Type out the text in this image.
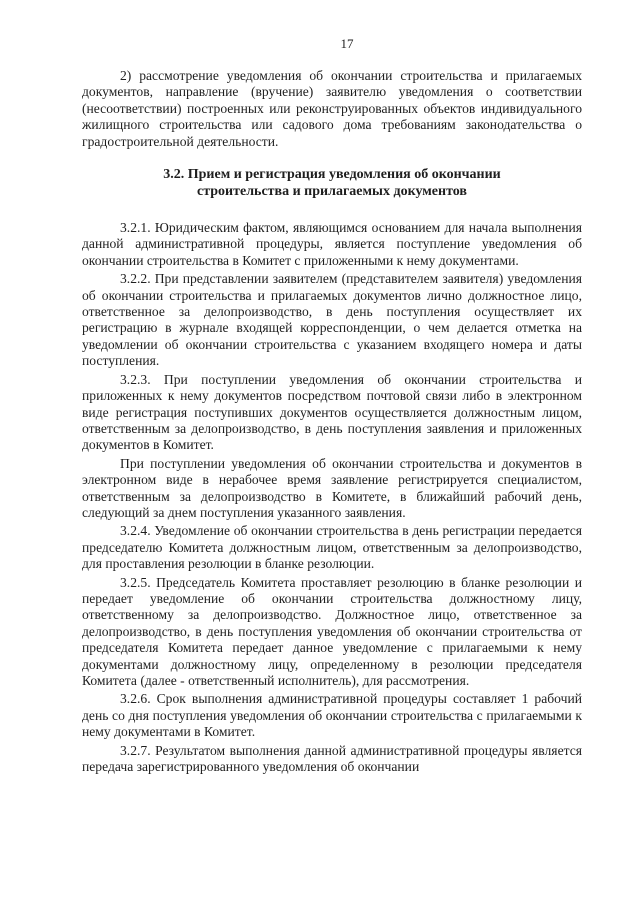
17

2) рассмотрение уведомления об окончании строительства и прилагаемых документов, направление (вручение) заявителю уведомления о соответствии (несоответствии) построенных или реконструированных объектов индивидуального жилищного строительства или садового дома требованиям законодательства о градостроительной деятельности.

3.2. Прием и регистрация уведомления об окончании
строительства и прилагаемых документов

3.2.1. Юридическим фактом, являющимся основанием для начала выполнения данной административной процедуры, является поступление уведомления об окончании строительства в Комитет с приложенными к нему документами.

3.2.2. При представлении заявителем (представителем заявителя) уведомления об окончании строительства и прилагаемых документов лично должностное лицо, ответственное за делопроизводство, в день поступления осуществляет их регистрацию в журнале входящей корреспонденции, о чем делается отметка на уведомлении об окончании строительства с указанием входящего номера и даты поступления.

3.2.3. При поступлении уведомления об окончании строительства и приложенных к нему документов посредством почтовой связи либо в электронном виде регистрация поступивших документов осуществляется должностным лицом, ответственным за делопроизводство, в день поступления заявления и приложенных документов в Комитет.

При поступлении уведомления об окончании строительства и документов в электронном виде в нерабочее время заявление регистрируется специалистом, ответственным за делопроизводство в Комитете, в ближайший рабочий день, следующий за днем поступления указанного заявления.

3.2.4. Уведомление об окончании строительства в день регистрации передается председателю Комитета должностным лицом, ответственным за делопроизводство, для проставления резолюции в бланке резолюции.

3.2.5. Председатель Комитета проставляет резолюцию в бланке резолюции и передает уведомление об окончании строительства должностному лицу, ответственному за делопроизводство. Должностное лицо, ответственное за делопроизводство, в день поступления уведомления об окончании строительства от председателя Комитета передает данное уведомление с прилагаемыми к нему документами должностному лицу, определенному в резолюции председателя Комитета (далее - ответственный исполнитель), для рассмотрения.

3.2.6. Срок выполнения административной процедуры составляет 1 рабочий день со дня поступления уведомления об окончании строительства с прилагаемыми к нему документами в Комитет.

3.2.7. Результатом выполнения данной административной процедуры является передача зарегистрированного уведомления об окончании
